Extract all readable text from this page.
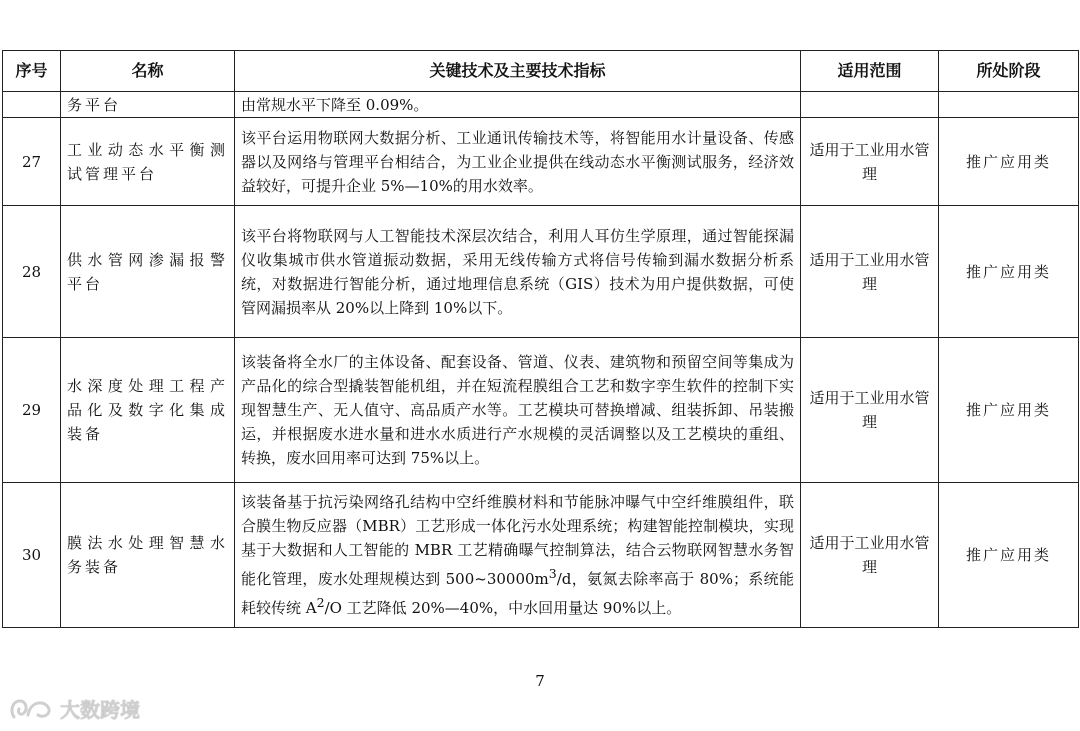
序号	名称	关键技术及主要技术指标	适用范围	所处阶段
	务平台	由常规水平下降至 0.09%。		
27	工业动态水平衡测试管理平台	该平台运用物联网大数据分析、工业通讯传输技术等，将智能用水计量设备、传感器以及网络与管理平台相结合，为工业企业提供在线动态水平衡测试服务，经济效益较好，可提升企业 5%—10%的用水效率。	适用于工业用水管理	推广应用类
28	供水管网渗漏报警平台	该平台将物联网与人工智能技术深层次结合，利用人耳仿生学原理，通过智能探漏仪收集城市供水管道振动数据，采用无线传输方式将信号传输到漏水数据分析系统，对数据进行智能分析，通过地理信息系统（GIS）技术为用户提供数据，可使管网漏损率从 20%以上降到 10%以下。	适用于工业用水管理	推广应用类
29	水深度处理工程产品化及数字化集成装备	该装备将全水厂的主体设备、配套设备、管道、仪表、建筑物和预留空间等集成为产品化的综合型撬装智能机组，并在短流程膜组合工艺和数字孪生软件的控制下实现智慧生产、无人值守、高品质产水等。工艺模块可替换增减、组装拆卸、吊装搬运，并根据废水进水量和进水水质进行产水规模的灵活调整以及工艺模块的重组、转换，废水回用率可达到 75%以上。	适用于工业用水管理	推广应用类
30	膜法水处理智慧水务装备	该装备基于抗污染网络孔结构中空纤维膜材料和节能脉冲曝气中空纤维膜组件，联合膜生物反应器（MBR）工艺形成一体化污水处理系统；构建智能控制模块，实现基于大数据和人工智能的 MBR 工艺精确曝气控制算法，结合云物联网智慧水务智能化管理，废水处理规模达到 $500\sim 30000m^3/d$，氨氮去除率高于 80%；系统能耗较传统 $A^2/O$ 工艺降低 20%—40%，中水回用量达 90%以上。	适用于工业用水管理	推广应用类
7
大数跨境
